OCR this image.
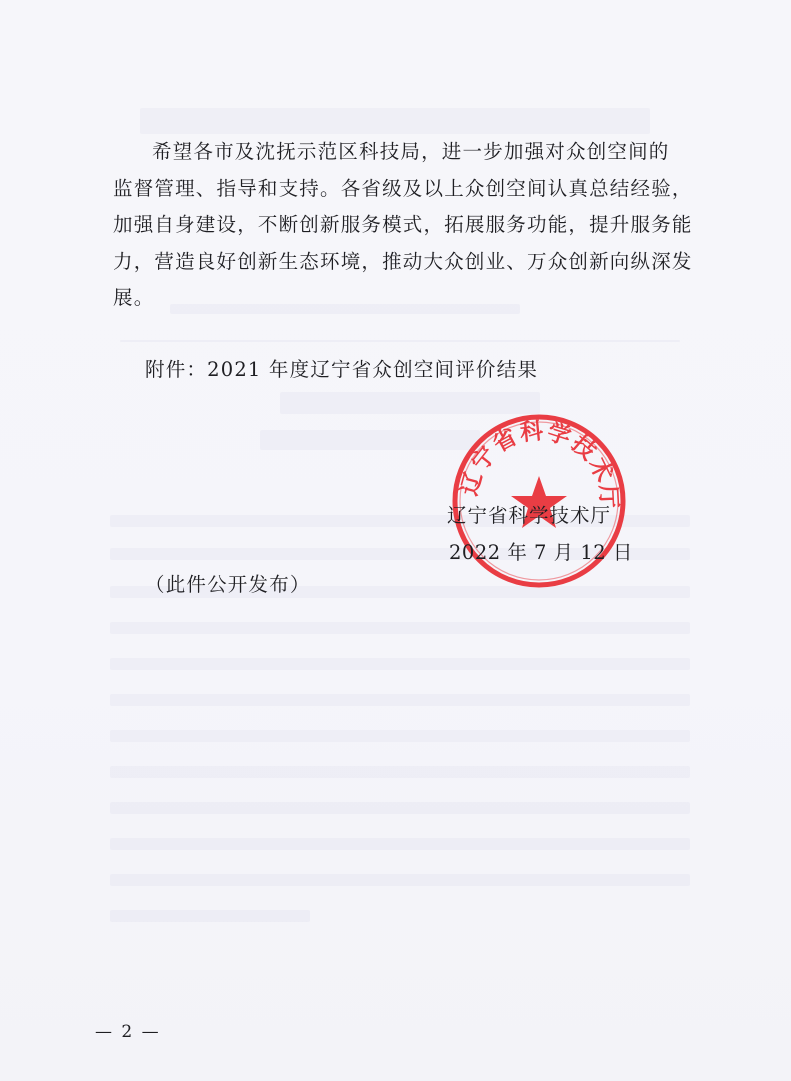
希望各市及沈抚示范区科技局，进一步加强对众创空间的
监督管理、指导和支持。各省级及以上众创空间认真总结经验，
加强自身建设，不断创新服务模式，拓展服务功能，提升服务能
力，营造良好创新生态环境，推动大众创业、万众创新向纵深发
展。
附件：2021 年度辽宁省众创空间评价结果
辽宁省科学技术厅
辽宁省科学技术厅
2022 年 7 月 12 日
（此件公开发布）
— 2 —
